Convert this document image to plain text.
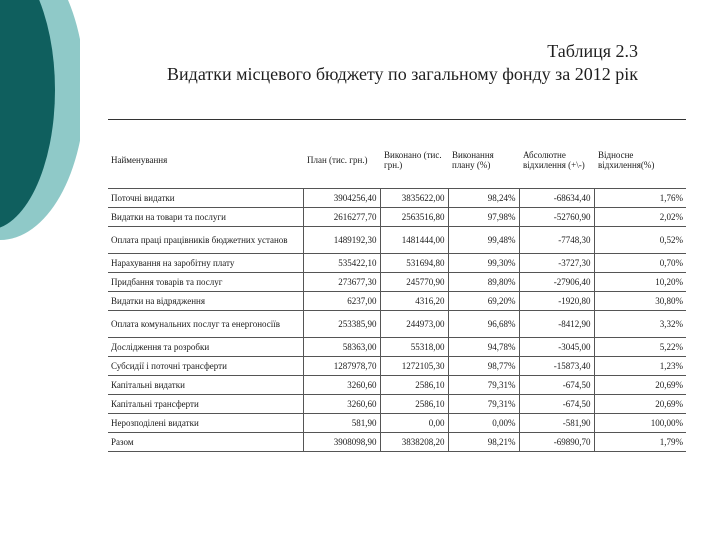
Таблиця 2.3
Видатки місцевого бюджету по загальному фонду за 2012 рік
Найменування	План (тис. грн.)	Виконано (тис. грн.)	Виконання плану (%)	Абсолютне відхилення (+\-)	Відносне відхилення(%)
Поточні видатки	3904256,40	3835622,00	98,24%	-68634,40	1,76%
Видатки на товари та послуги	2616277,70	2563516,80	97,98%	-52760,90	2,02%
Оплата праці працівників бюджетних установ	1489192,30	1481444,00	99,48%	-7748,30	0,52%
Нарахування на заробітну плату	535422,10	531694,80	99,30%	-3727,30	0,70%
Придбання товарів та послуг	273677,30	245770,90	89,80%	-27906,40	10,20%
Видатки на відрядження	6237,00	4316,20	69,20%	-1920,80	30,80%
Оплата комунальних послуг та енергоносіїв	253385,90	244973,00	96,68%	-8412,90	3,32%
Дослідження та розробки	58363,00	55318,00	94,78%	-3045,00	5,22%
Субсидії і поточні трансферти	1287978,70	1272105,30	98,77%	-15873,40	1,23%
Капітальні видатки	3260,60	2586,10	79,31%	-674,50	20,69%
Капітальні трансферти	3260,60	2586,10	79,31%	-674,50	20,69%
Нерозподілені видатки	581,90	0,00	0,00%	-581,90	100,00%
Разом	3908098,90	3838208,20	98,21%	-69890,70	1,79%
